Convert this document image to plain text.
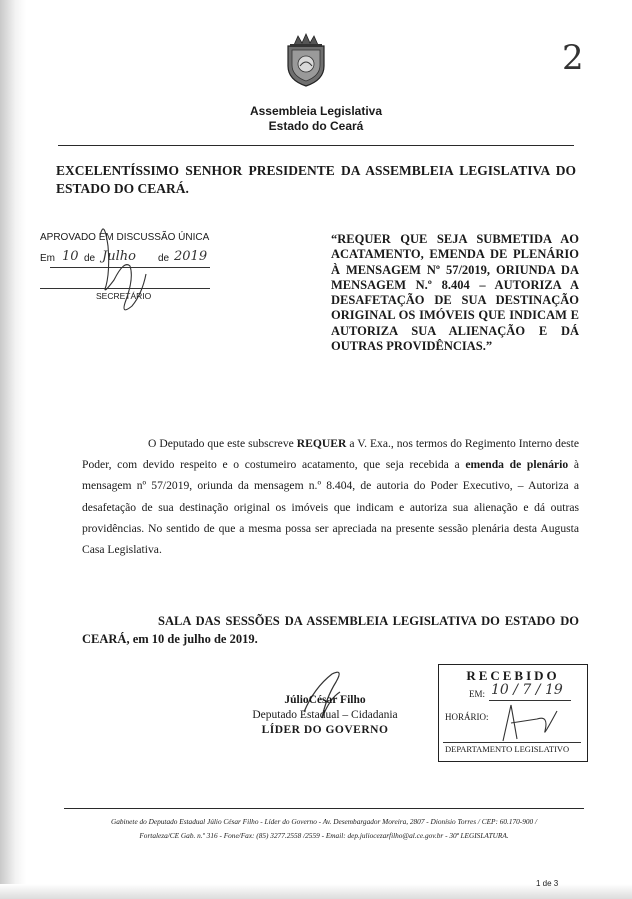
2
Assembleia Legislativa
Estado do Ceará
EXCELENTÍSSIMO SENHOR PRESIDENTE DA ASSEMBLEIA LEGISLATIVA DO ESTADO DO CEARÁ.
APROVADO EM DISCUSSÃO ÚNICA
Em 10 de Julho de 2019
SECRETÁRIO
“REQUER QUE SEJA SUBMETIDA AO ACATAMENTO, EMENDA DE PLENÁRIO À MENSAGEM Nº 57/2019, ORIUNDA DA MENSAGEM N.º 8.404 – AUTORIZA A DESAFETAÇÃO DE SUA DESTINAÇÃO ORIGINAL OS IMÓVEIS QUE INDICAM E AUTORIZA SUA ALIENAÇÃO E DÁ OUTRAS PROVIDÊNCIAS.”
O Deputado que este subscreve REQUER a V. Exa., nos termos do Regimento Interno deste Poder, com devido respeito e o costumeiro acatamento, que seja recebida a emenda de plenário à mensagem nº 57/2019, oriunda da mensagem n.º 8.404, de autoria do Poder Executivo, – Autoriza a desafetação de sua destinação original os imóveis que indicam e autoriza sua alienação e dá outras providências. No sentido de que a mesma possa ser apreciada na presente sessão plenária desta Augusta Casa Legislativa.
SALA DAS SESSÕES DA ASSEMBLEIA LEGISLATIVA DO ESTADO DO CEARÁ, em 10 de julho de 2019.
JúlioCésar Filho
Deputado Estadual – Cidadania
LÍDER DO GOVERNO
RECEBIDO
EM: 10 / 7 / 19
HORÁRIO:
DEPARTAMENTO LEGISLATIVO
Gabinete do Deputado Estadual Júlio César Filho - Líder do Governo - Av. Desembargador Moreira, 2807 - Dionísio Torres / CEP: 60.170-900 /
Fortaleza/CE Gab. n.º 316 - Fone/Fax: (85) 3277.2558 /2559 - Email: dep.juliocezarfilho@al.ce.gov.br - 30ª LEGISLATURA.
1 de 3
